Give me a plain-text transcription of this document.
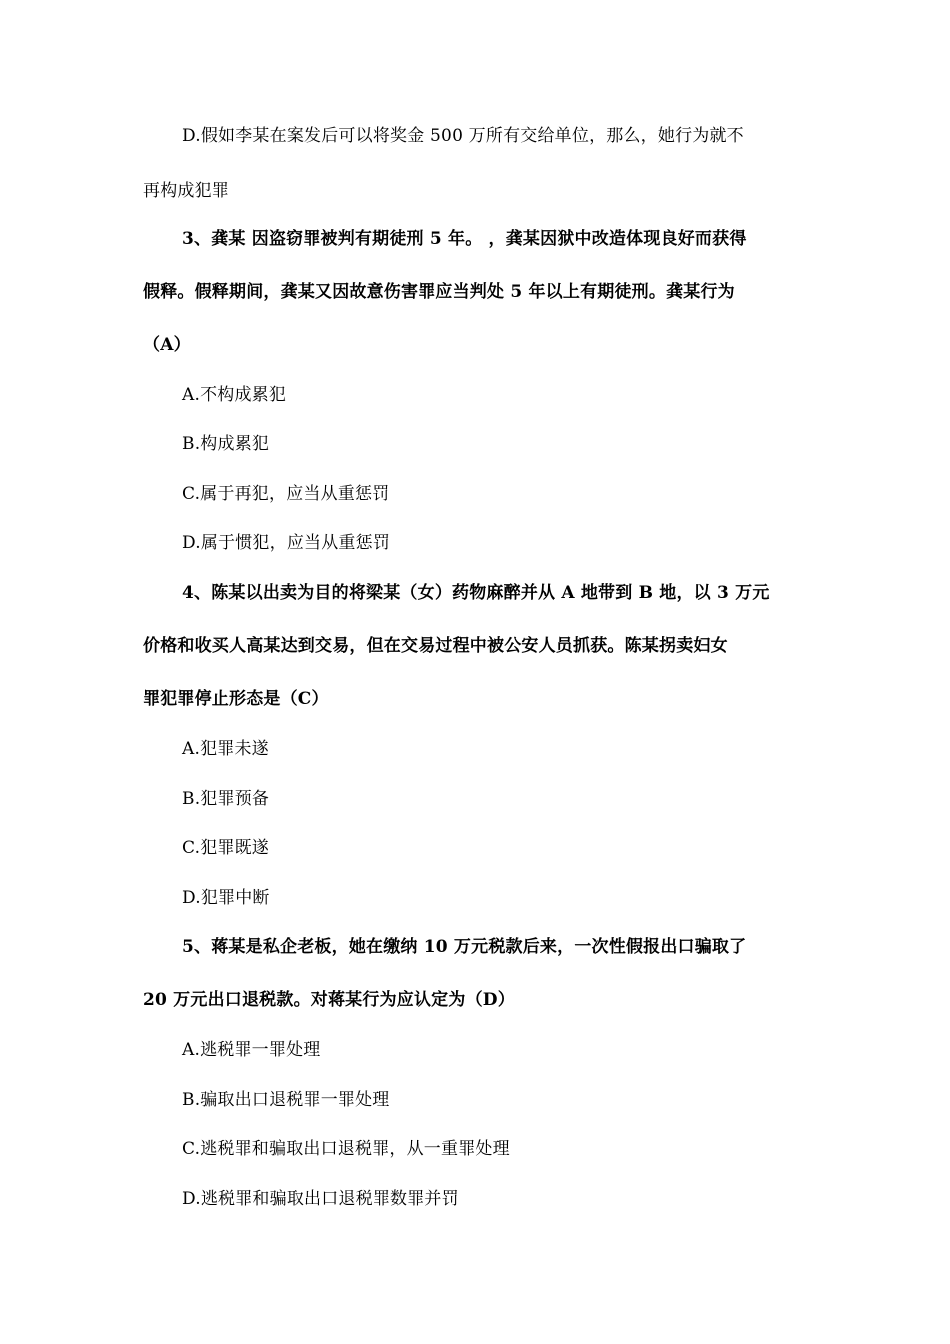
D.假如李某在案发后可以将奖金 500 万所有交给单位，那么，她行为就不
再构成犯罪
3、龚某 因盗窃罪被判有期徒刑 5 年。 ，龚某因狱中改造体现良好而获得
假释。假释期间，龚某又因故意伤害罪应当判处 5 年以上有期徒刑。龚某行为
（A）
A.不构成累犯
B.构成累犯
C.属于再犯，应当从重惩罚
D.属于惯犯，应当从重惩罚
4、陈某以出卖为目的将梁某（女）药物麻醉并从 A 地带到 B 地，以 3 万元
价格和收买人高某达到交易，但在交易过程中被公安人员抓获。陈某拐卖妇女
罪犯罪停止形态是（C）
A.犯罪未遂
B.犯罪预备
C.犯罪既遂
D.犯罪中断
5、蒋某是私企老板，她在缴纳 10 万元税款后来，一次性假报出口骗取了
20 万元出口退税款。对蒋某行为应认定为（D）
A.逃税罪一罪处理
B.骗取出口退税罪一罪处理
C.逃税罪和骗取出口退税罪，从一重罪处理
D.逃税罪和骗取出口退税罪数罪并罚
